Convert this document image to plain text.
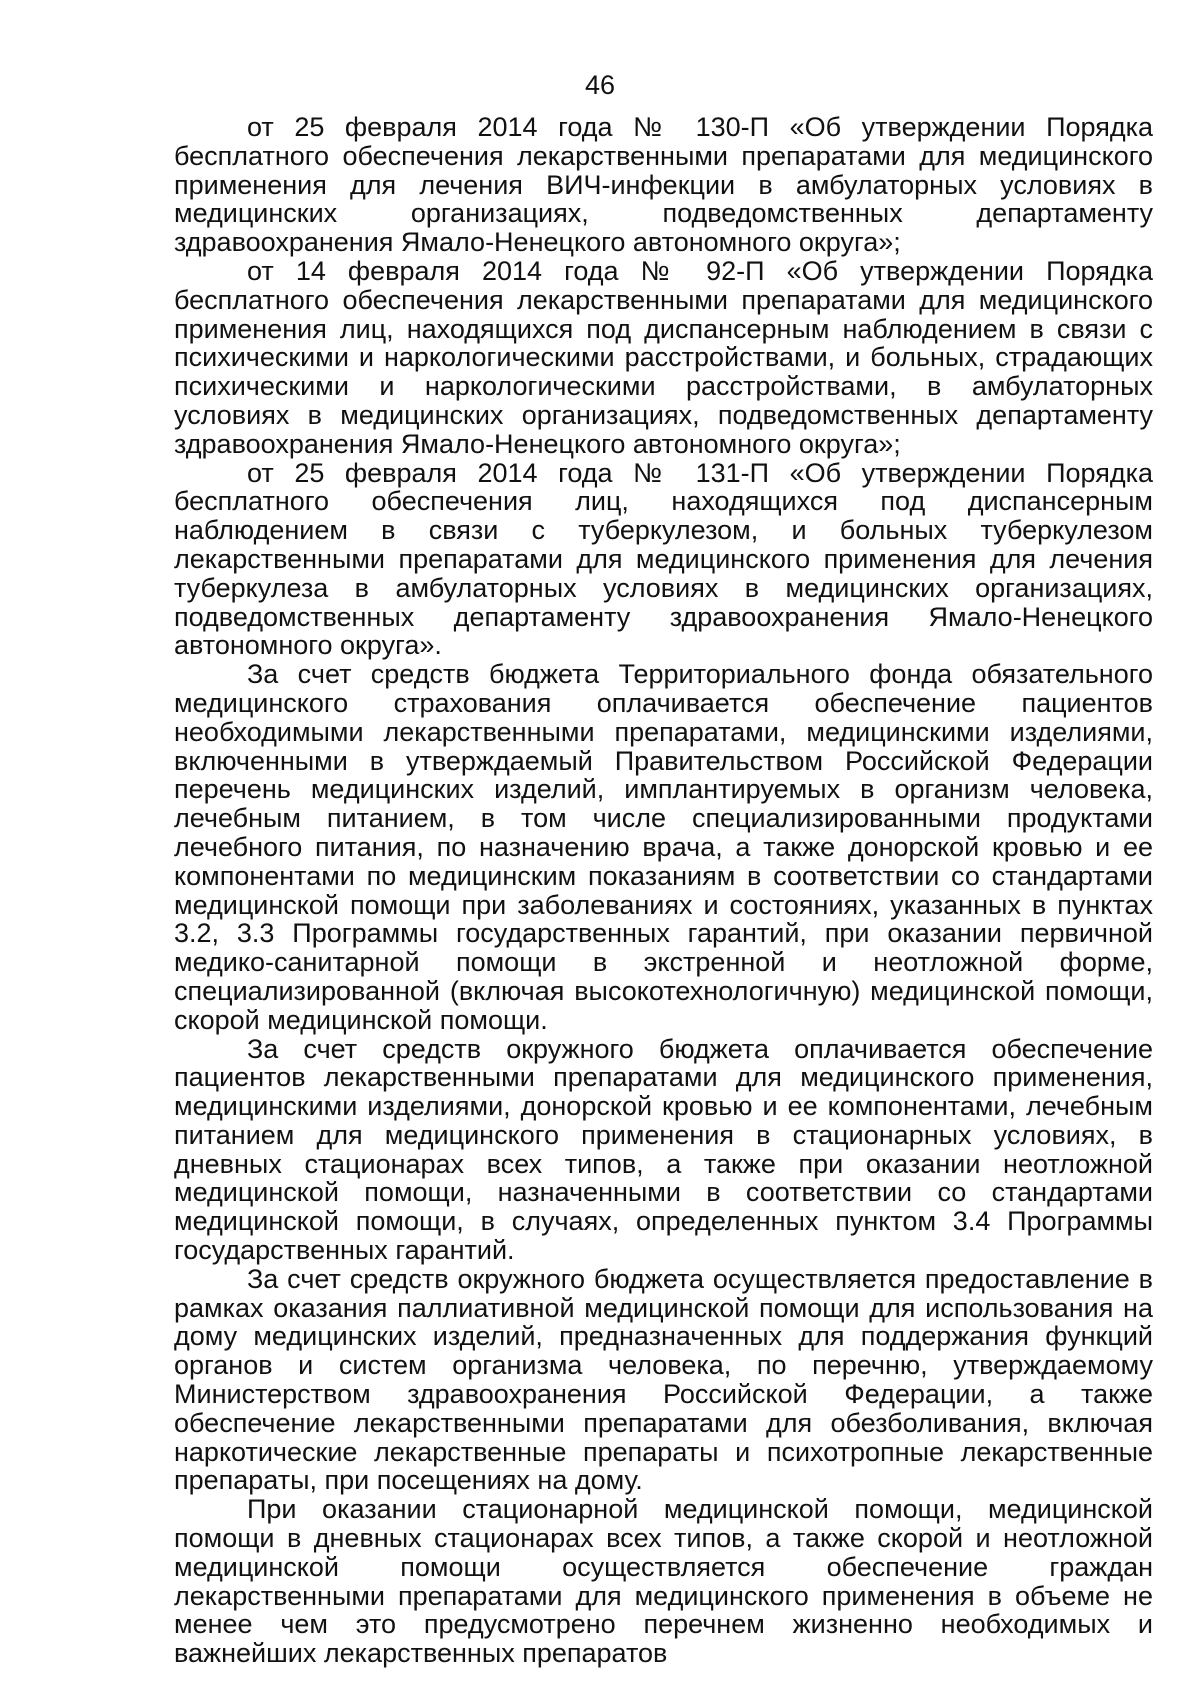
46

от 25 февраля 2014 года № 130-П «Об утверждении Порядка бесплатного обеспечения лекарственными препаратами для медицинского применения для лечения ВИЧ-инфекции в амбулаторных условиях в медицинских организациях, подведомственных департаменту здравоохранения Ямало-Ненецкого автономного округа»;

от 14 февраля 2014 года № 92-П «Об утверждении Порядка бесплатного обеспечения лекарственными препаратами для медицинского применения лиц, находящихся под диспансерным наблюдением в связи с психическими и наркологическими расстройствами, и больных, страдающих психическими и наркологическими расстройствами, в амбулаторных условиях в медицинских организациях, подведомственных департаменту здравоохранения Ямало-Ненецкого автономного округа»;

от 25 февраля 2014 года № 131-П «Об утверждении Порядка бесплатного обеспечения лиц, находящихся под диспансерным наблюдением в связи с туберкулезом, и больных туберкулезом лекарственными препаратами для медицинского применения для лечения туберкулеза в амбулаторных условиях в медицинских организациях, подведомственных департаменту здравоохранения Ямало-Ненецкого автономного округа».

За счет средств бюджета Территориального фонда обязательного медицинского страхования оплачивается обеспечение пациентов необходимыми лекарственными препаратами, медицинскими изделиями, включенными в утверждаемый Правительством Российской Федерации перечень медицинских изделий, имплантируемых в организм человека, лечебным питанием, в том числе специализированными продуктами лечебного питания, по назначению врача, а также донорской кровью и ее компонентами по медицинским показаниям в соответствии со стандартами медицинской помощи при заболеваниях и состояниях, указанных в пунктах 3.2, 3.3 Программы государственных гарантий, при оказании первичной медико-санитарной помощи в экстренной и неотложной форме, специализированной (включая высокотехнологичную) медицинской помощи, скорой медицинской помощи.

За счет средств окружного бюджета оплачивается обеспечение пациентов лекарственными препаратами для медицинского применения, медицинскими изделиями, донорской кровью и ее компонентами, лечебным питанием для медицинского применения в стационарных условиях, в дневных стационарах всех типов, а также при оказании неотложной медицинской помощи, назначенными в соответствии со стандартами медицинской помощи, в случаях, определенных пунктом 3.4 Программы государственных гарантий.

За счет средств окружного бюджета осуществляется предоставление в рамках оказания паллиативной медицинской помощи для использования на дому медицинских изделий, предназначенных для поддержания функций органов и систем организма человека, по перечню, утверждаемому Министерством здравоохранения Российской Федерации, а также обеспечение лекарственными препаратами для обезболивания, включая наркотические лекарственные препараты и психотропные лекарственные препараты, при посещениях на дому.

При оказании стационарной медицинской помощи, медицинской помощи в дневных стационарах всех типов, а также скорой и неотложной медицинской помощи осуществляется обеспечение граждан лекарственными препаратами для медицинского применения в объеме не менее чем это предусмотрено перечнем жизненно необходимых и важнейших лекарственных препаратов
